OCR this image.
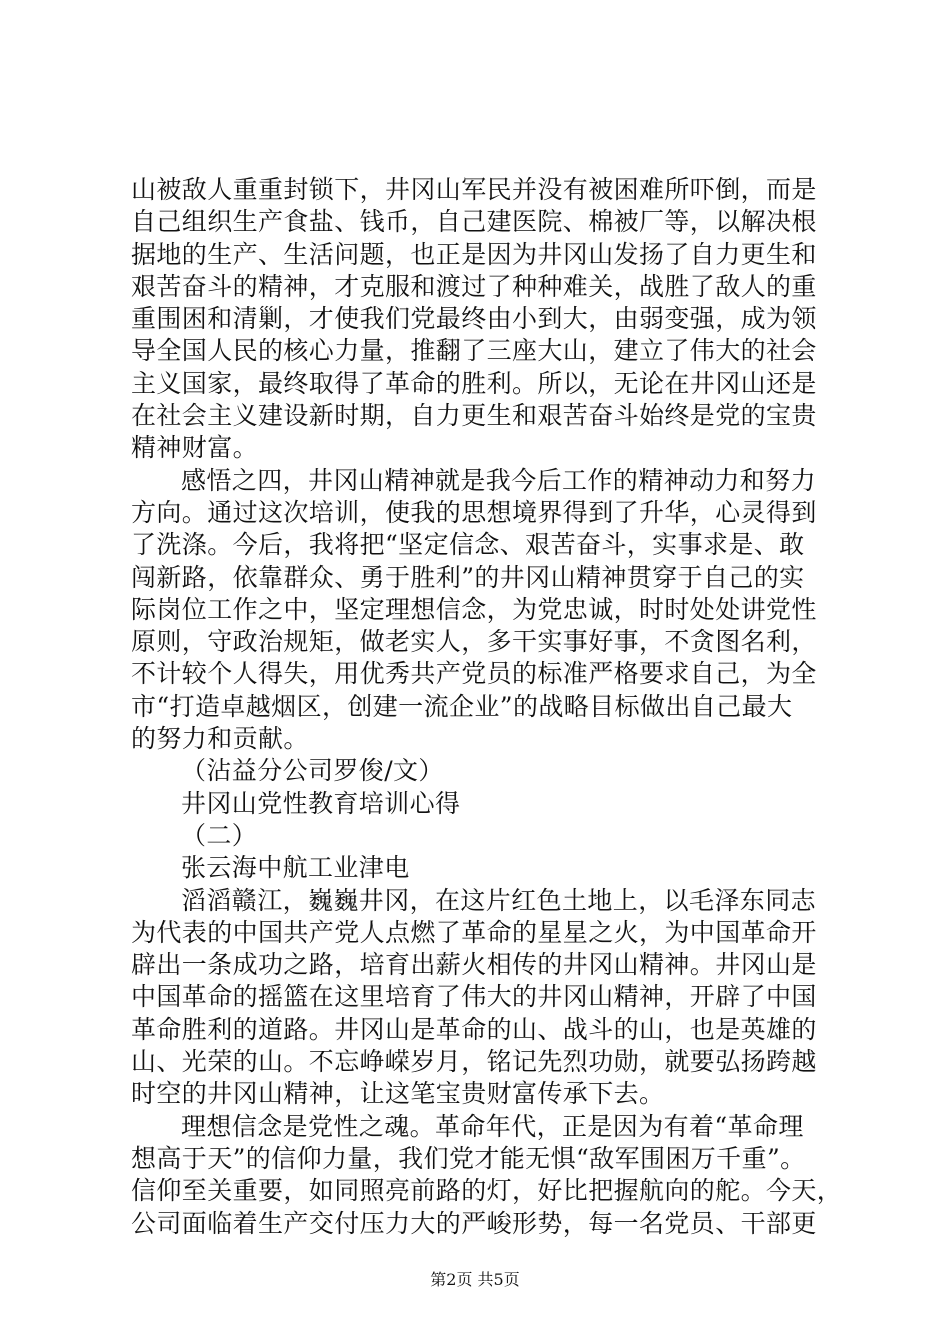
山被敌人重重封锁下，井冈山军民并没有被困难所吓倒，而是
自己组织生产食盐、钱币，自己建医院、棉被厂等，以解决根
据地的生产、生活问题，也正是因为井冈山发扬了自力更生和
艰苦奋斗的精神，才克服和渡过了种种难关，战胜了敌人的重
重围困和清剿，才使我们党最终由小到大，由弱变强，成为领
导全国人民的核心力量，推翻了三座大山，建立了伟大的社会
主义国家，最终取得了革命的胜利。所以，无论在井冈山还是
在社会主义建设新时期，自力更生和艰苦奋斗始终是党的宝贵
精神财富。
感悟之四，井冈山精神就是我今后工作的精神动力和努力
方向。通过这次培训，使我的思想境界得到了升华，心灵得到
了洗涤。今后，我将把“坚定信念、艰苦奋斗，实事求是、敢
闯新路，依靠群众、勇于胜利”的井冈山精神贯穿于自己的实
际岗位工作之中，坚定理想信念，为党忠诚，时时处处讲党性
原则，守政治规矩，做老实人，多干实事好事，不贪图名利，
不计较个人得失，用优秀共产党员的标准严格要求自己，为全
市“打造卓越烟区，创建一流企业”的战略目标做出自己最大
的努力和贡献。
（沾益分公司罗俊/文）
井冈山党性教育培训心得
（二）
张云海中航工业津电
滔滔赣江，巍巍井冈，在这片红色土地上，以毛泽东同志
为代表的中国共产党人点燃了革命的星星之火，为中国革命开
辟出一条成功之路，培育出薪火相传的井冈山精神。井冈山是
中国革命的摇篮在这里培育了伟大的井冈山精神，开辟了中国
革命胜利的道路。井冈山是革命的山、战斗的山，也是英雄的
山、光荣的山。不忘峥嵘岁月，铭记先烈功勋，就要弘扬跨越
时空的井冈山精神，让这笔宝贵财富传承下去。
理想信念是党性之魂。革命年代，正是因为有着“革命理
想高于天”的信仰力量，我们党才能无惧“敌军围困万千重”。
信仰至关重要，如同照亮前路的灯，好比把握航向的舵。今天，
公司面临着生产交付压力大的严峻形势，每一名党员、干部更
第2页 共5页
